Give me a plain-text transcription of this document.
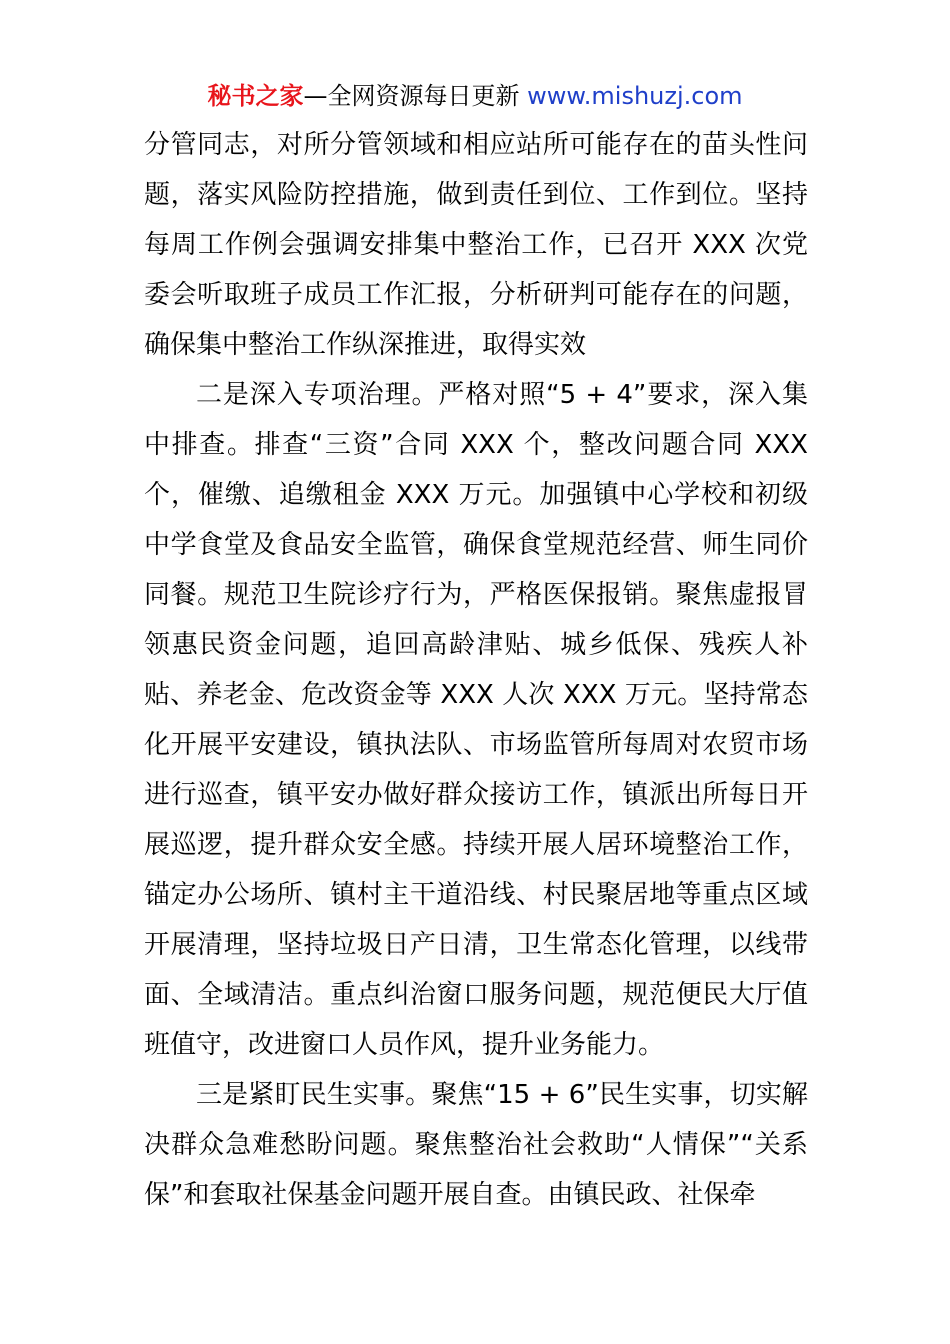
秘书之家—全网资源每日更新 www.mishuzj.com

分管同志，对所分管领域和相应站所可能存在的苗头性问题，落实风险防控措施，做到责任到位、工作到位。坚持每周工作例会强调安排集中整治工作，已召开 XXX 次党委会听取班子成员工作汇报，分析研判可能存在的问题，确保集中整治工作纵深推进，取得实效

二是深入专项治理。严格对照“5 + 4”要求，深入集中排查。排查“三资”合同 XXX 个，整改问题合同 XXX 个，催缴、追缴租金 XXX 万元。加强镇中心学校和初级中学食堂及食品安全监管，确保食堂规范经营、师生同价同餐。规范卫生院诊疗行为，严格医保报销。聚焦虚报冒领惠民资金问题，追回高龄津贴、城乡低保、残疾人补贴、养老金、危改资金等 XXX 人次 XXX 万元。坚持常态化开展平安建设，镇执法队、市场监管所每周对农贸市场进行巡查，镇平安办做好群众接访工作，镇派出所每日开展巡逻，提升群众安全感。持续开展人居环境整治工作，锚定办公场所、镇村主干道沿线、村民聚居地等重点区域开展清理，坚持垃圾日产日清，卫生常态化管理，以线带面、全域清洁。重点纠治窗口服务问题，规范便民大厅值班值守，改进窗口人员作风，提升业务能力。

三是紧盯民生实事。聚焦“15 + 6”民生实事，切实解决群众急难愁盼问题。聚焦整治社会救助“人情保”“关系保”和套取社保基金问题开展自查。由镇民政、社保牵
